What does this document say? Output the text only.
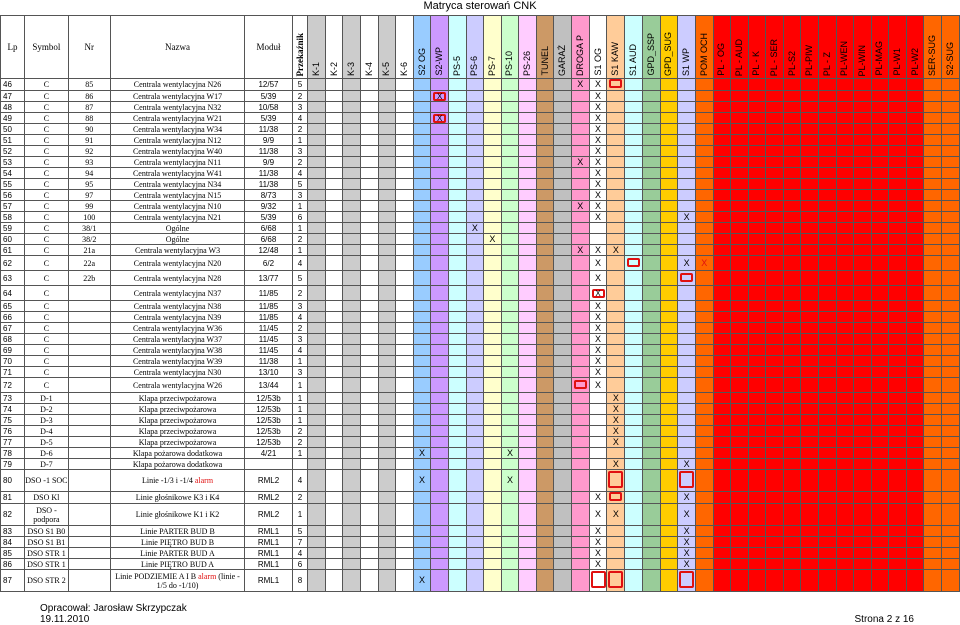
Matryca sterowań CNK
Lp	Symbol	Nr	Nazwa	Moduł	Przekaźnik	K-1	K-2	K-3	K-4	K-5	K-6	S2 OG	S2-WP	PS-5	PS-6	PS-7	PS-10	PS-26	TUNEL	GARAŻ	DROGA P	S1 OG	S1 KAW	S1 AUD	GPD_SSP	GPD_SUG	S1 WP	POM OCH	PL - OG	PL - AUD	PL - K	PL - SER	PL-S2	PL-PIW	PL - Z	PL-WEN	PL-WIN	PL-MAG	PL-W1	PL-W2	SER-SUG	S2-SUG
46	C	85	Centrala wentylacyjna N26	12/57	5																X	X																				
47	C	86	Centrala wentylacyjna W17	5/39	2								X									X																				
48	C	87	Centrala wentylacyjna N32	10/58	3																	X																				
49	C	88	Centrala wentylacyjna W21	5/39	4								X									X																				
50	C	90	Centrala wentylacyjna W34	11/38	2																	X																				
51	C	91	Centrala wentylacyjna N12	9/9	1																	X																				
52	C	92	Centrala wentylacyjna W40	11/38	3																	X																				
53	C	93	Centrala wentylacyjna N11	9/9	2																X	X																				
54	C	94	Centrala wentylacyjna W41	11/38	4																	X																				
55	C	95	Centrala wentylacyjna N34	11/38	5																	X																				
56	C	97	Centrala wentylacyjna N15	8/73	3																	X																				
57	C	99	Centrala wentylacyjna N10	9/32	1																X	X																				
58	C	100	Centrala wentylacyjna N21	5/39	6																	X					X															
59	C	38/1	Ogólne	6/68	1										X																											
60	C	38/2	Ogólne	6/68	2											X																										
61	C	21a	Centrala wentylacyjna W3	12/48	1																X	X	X																			
62	C	22a	Centrala wentylacyjna N20	6/2	4																	X					X	X														
63	C	22b	Centrala wentylacyjna N28	13/77	5																	X																				
64	C		Centrala wentylacyjna N37	11/85	2																	X																				
65	C		Centrala wentylacyjna N38	11/85	3																	X																				
66	C		Centrala wentylacyjna N39	11/85	4																	X																				
67	C		Centrala wentylacyjna W36	11/45	2																	X																				
68	C		Centrala wentylacyjna W37	11/45	3																	X																				
69	C		Centrala wentylacyjna W38	11/45	4																	X																				
70	C		Centrala wentylacyjna W39	11/38	1																	X																				
71	C		Centrala wentylacyjna N30	13/10	3																	X																				
72	C		Centrala wentylacyjna W26	13/44	1																	X																				
73	D-1		Klapa przeciwpożarowa	12/53b	1																		X																			
74	D-2		Klapa przeciwpożarowa	12/53b	1																		X																			
75	D-3		Klapa przeciwpożarowa	12/53b	1																		X																			
76	D-4		Klapa przeciwpożarowa	12/53b	2																		X																			
77	D-5		Klapa przeciwpożarowa	12/53b	2																		X																			
78	D-6		Klapa pożarowa dodatkowa	4/21	1							X					X																									
79	D-7		Klapa pożarowa dodatkowa																				X				X															
80	DSO -1 SOC		Linie -1/3 i -1/4 alarm	RML2	4							X					X																									
81	DSO Kl		Linie głośnikowe K3 i K4	RML2	2																	X					X															
82	DSO - podpora		Linie głośnikowe K1 i K2	RML2	1																	X	X				X															
83	DSO S1 B0		Linie PARTER BUD B	RML1	5																	X					X															
84	DSO S1 B1		Linie PIĘTRO BUD B	RML1	7																	X					X															
85	DSO STR 1		Linie PARTER BUD A	RML1	4																	X					X															
86	DSO STR 1		Linie PIĘTRO BUD A	RML1	6																	X					X															
87	DSO STR 2		Linie PODZIEMIE A I B alarm (linie - 1/5 do -1/10)	RML1	8							X																														
Opracował: Jarosław Skrzypczak
19.11.2010	Strona 2 z 16
